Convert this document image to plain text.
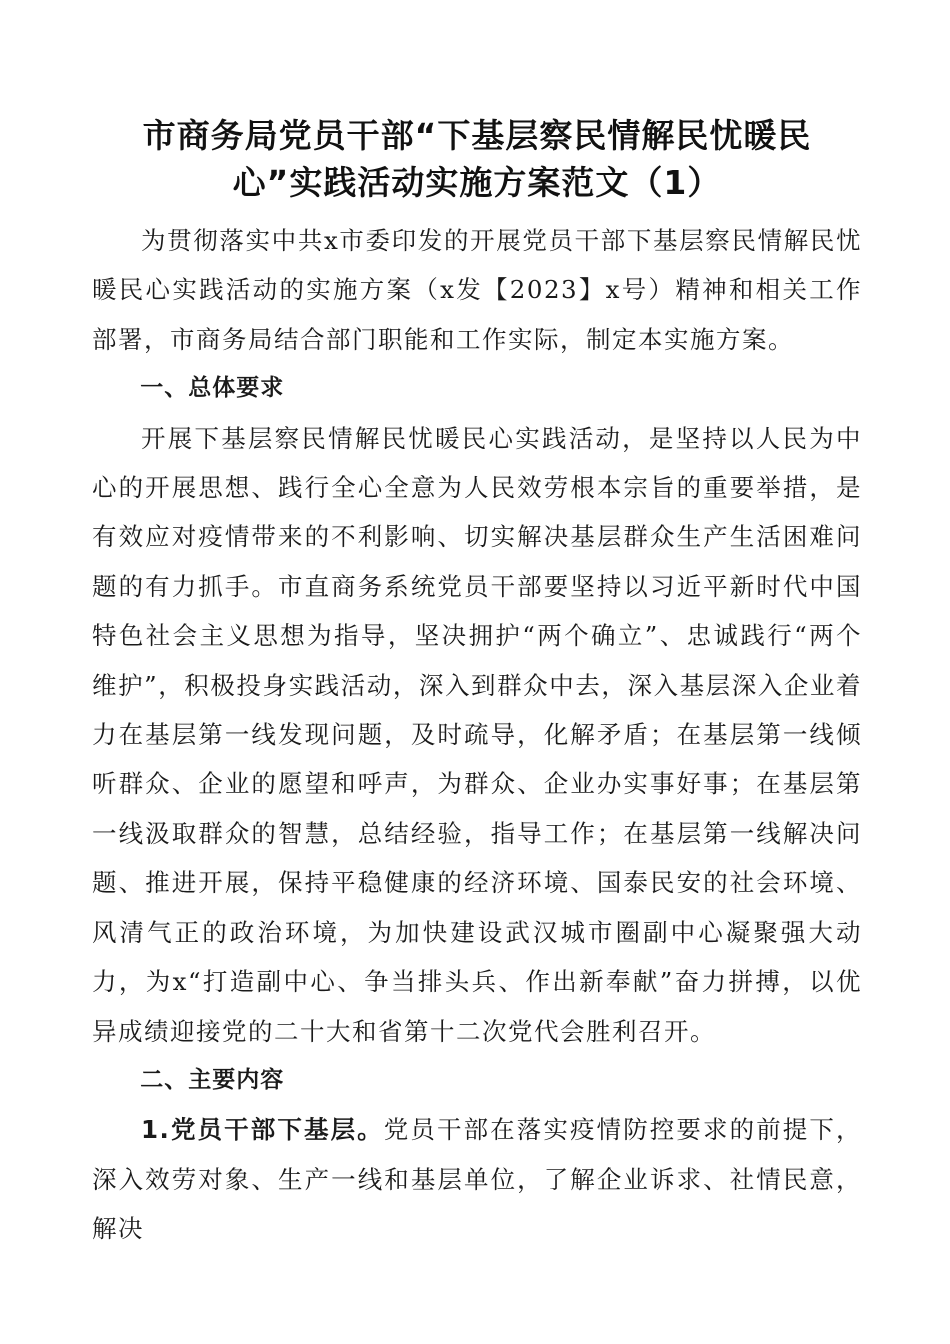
市商务局党员干部“下基层察民情解民忧暖民
心”实践活动实施方案范文（1）

为贯彻落实中共x市委印发的开展党员干部下基层察民情解民忧暖民心实践活动的实施方案（x发【2023】x号）精神和相关工作部署，市商务局结合部门职能和工作实际，制定本实施方案。

一、总体要求

开展下基层察民情解民忧暖民心实践活动，是坚持以人民为中心的开展思想、践行全心全意为人民效劳根本宗旨的重要举措，是有效应对疫情带来的不利影响、切实解决基层群众生产生活困难问题的有力抓手。市直商务系统党员干部要坚持以习近平新时代中国特色社会主义思想为指导，坚决拥护“两个确立”、忠诚践行“两个维护”，积极投身实践活动，深入到群众中去，深入基层深入企业着力在基层第一线发现问题，及时疏导，化解矛盾；在基层第一线倾听群众、企业的愿望和呼声，为群众、企业办实事好事；在基层第一线汲取群众的智慧，总结经验，指导工作；在基层第一线解决问题、推进开展，保持平稳健康的经济环境、国泰民安的社会环境、风清气正的政治环境，为加快建设武汉城市圈副中心凝聚强大动力，为x“打造副中心、争当排头兵、作出新奉献”奋力拼搏，以优异成绩迎接党的二十大和省第十二次党代会胜利召开。

二、主要内容

1.党员干部下基层。党员干部在落实疫情防控要求的前提下，深入效劳对象、生产一线和基层单位，了解企业诉求、社情民意，解决
